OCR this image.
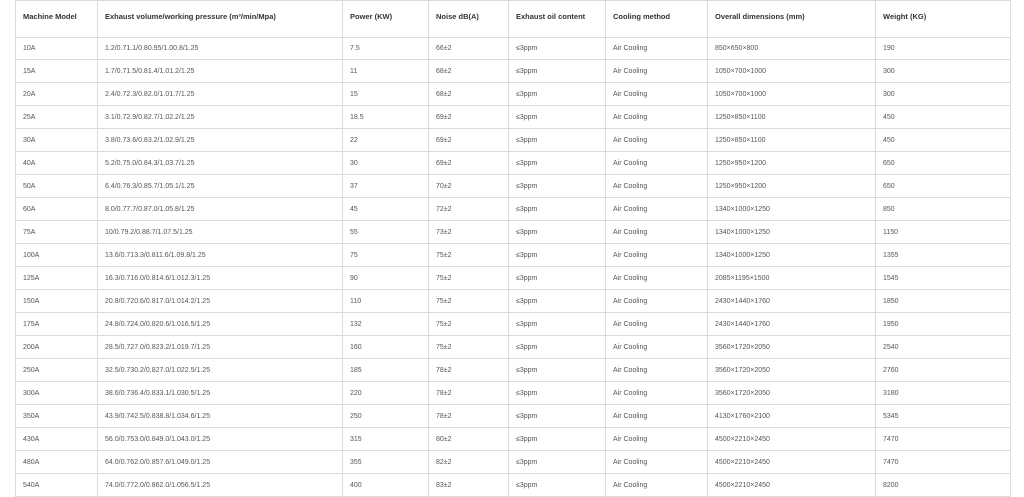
Machine Model	Exhaust volume/working pressure (m³/min/Mpa)	Power (KW)	Noise dB(A)	Exhaust oil content	Cooling method	Overall dimensions (mm)	Weight (KG)
10A	1.2/0.71.1/0.80.95/1.00.8/1.25	7.5	66±2	≤3ppm	Air Cooling	850×650×800	190
15A	1.7/0.71.5/0.81.4/1.01.2/1.25	11	68±2	≤3ppm	Air Cooling	1050×700×1000	300
20A	2.4/0.72.3/0.82.0/1.01.7/1.25	15	68±2	≤3ppm	Air Cooling	1050×700×1000	300
25A	3.1/0.72.9/0.82.7/1.02.2/1.25	18.5	69±2	≤3ppm	Air Cooling	1250×850×1100	450
30A	3.8/0.73.6/0.83.2/1.02.9/1.25	22	69±2	≤3ppm	Air Cooling	1250×850×1100	450
40A	5.2/0.75.0/0.84.3/1.03.7/1.25	30	69±2	≤3ppm	Air Cooling	1250×950×1200	650
50A	6.4/0.76.3/0.85.7/1.05.1/1.25	37	70±2	≤3ppm	Air Cooling	1250×950×1200	650
60A	8.0/0.77.7/0.87.0/1.05.8/1.25	45	72±2	≤3ppm	Air Cooling	1340×1000×1250	850
75A	10/0.79.2/0.88.7/1.07.5/1.25	55	73±2	≤3ppm	Air Cooling	1340×1000×1250	1150
100A	13.6/0.713.3/0.811.6/1.09.8/1.25	75	75±2	≤3ppm	Air Cooling	1340×1000×1250	1355
125A	16.3/0.716.0/0.814.6/1.012.3/1.25	90	75±2	≤3ppm	Air Cooling	2085×1195×1500	1545
150A	20.8/0.720.6/0.817.0/1.014.2/1.25	110	75±2	≤3ppm	Air Cooling	2430×1440×1760	1850
175A	24.8/0.724.0/0.820.6/1.016.5/1.25	132	75±2	≤3ppm	Air Cooling	2430×1440×1760	1950
200A	28.5/0.727.0/0.823.2/1.019.7/1.25	160	75±2	≤3ppm	Air Cooling	3560×1720×2050	2540
250A	32.5/0.730.2/0.827.0/1.022.5/1.25	185	78±2	≤3ppm	Air Cooling	3560×1720×2050	2760
300A	38.6/0.736.4/0.833.1/1.030.5/1.25	220	78±2	≤3ppm	Air Cooling	3560×1720×2050	3180
350A	43.9/0.742.5/0.838.8/1.034.6/1.25	250	78±2	≤3ppm	Air Cooling	4130×1760×2100	5345
430A	56.0/0.753.0/0.849.0/1.043.0/1.25	315	80±2	≤3ppm	Air Cooling	4500×2210×2450	7470
480A	64.0/0.762.0/0.857.6/1.049.0/1.25	355	82±2	≤3ppm	Air Cooling	4500×2210×2450	7470
540A	74.0/0.772.0/0.862.0/1.056.5/1.25	400	83±2	≤3ppm	Air Cooling	4500×2210×2450	8200
